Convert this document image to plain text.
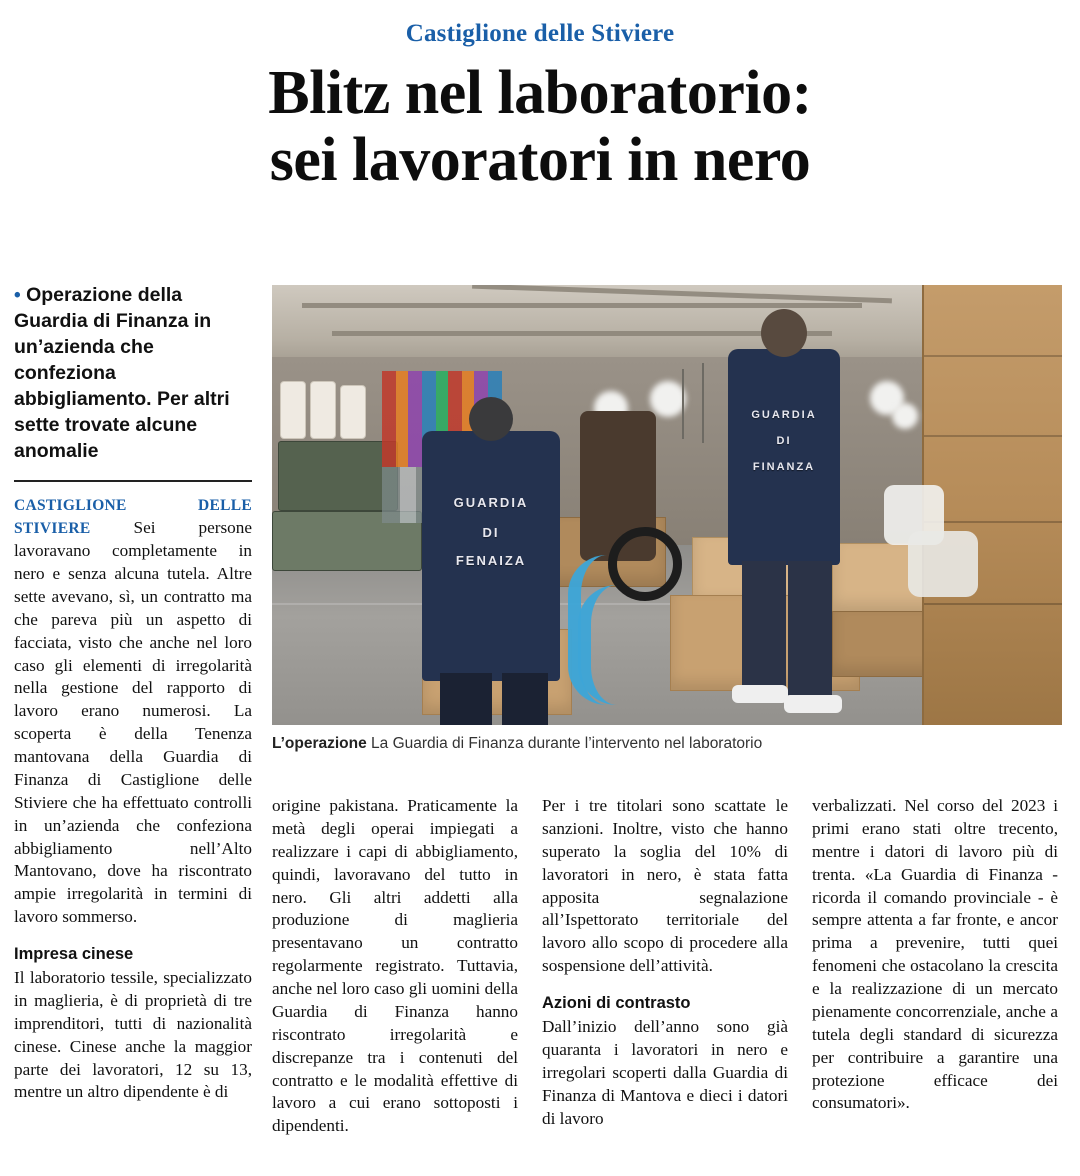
Castiglione delle Stiviere
Blitz nel laboratorio:
sei lavoratori in nero
• Operazione della Guardia di Finanza in un’azienda che confeziona abbigliamento. Per altri sette trovate alcune anomalie

CASTIGLIONE DELLE STIVIERE Sei persone lavoravano completamente in nero e senza alcuna tutela. Altre sette avevano, sì, un contratto ma che pareva più un aspetto di facciata, visto che anche nel loro caso gli elementi di irregolarità nella gestione del rapporto di lavoro erano numerosi. La scoperta è della Tenenza mantovana della Guardia di Finanza di Castiglione delle Stiviere che ha effettuato controlli in un’azienda che confeziona abbigliamento nell’Alto Mantovano, dove ha riscontrato ampie irregolarità in termini di lavoro sommerso.

Impresa cinese

Il laboratorio tessile, specializzato in maglieria, è di proprietà di tre imprenditori, tutti di nazionalità cinese. Cinese anche la maggior parte dei lavoratori, 12 su 13, mentre un altro dipendente è di

GUARDIA
DI
FENAIZA
GUARDIA
DI
FINANZA
L’operazione La Guardia di Finanza durante l’intervento nel laboratorio

origine pakistana. Praticamente la metà degli operai impiegati a realizzare i capi di abbigliamento, quindi, lavoravano del tutto in nero. Gli altri addetti alla produzione di maglieria presentavano un contratto regolarmente registrato. Tuttavia, anche nel loro caso gli uomini della Guardia di Finanza hanno riscontrato irregolarità e discrepanze tra i contenuti del contratto e le modalità effettive di lavoro a cui erano sottoposti i dipendenti.

Per i tre titolari sono scattate le sanzioni. Inoltre, visto che hanno superato la soglia del 10% di lavoratori in nero, è stata fatta apposita segnalazione all’Ispettorato territoriale del lavoro allo scopo di procedere alla sospensione dell’attività.

Azioni di contrasto

Dall’inizio dell’anno sono già quaranta i lavoratori in nero e irregolari scoperti dalla Guardia di Finanza di Mantova e dieci i datori di lavoro

verbalizzati. Nel corso del 2023 i primi erano stati oltre trecento, mentre i datori di lavoro più di trenta. «La Guardia di Finanza - ricorda il comando provinciale - è sempre attenta a far fronte, e ancor prima a prevenire, tutti quei fenomeni che ostacolano la crescita e la realizzazione di un mercato pienamente concorrenziale, anche a tutela degli standard di sicurezza per contribuire a garantire una protezione efficace dei consumatori».
